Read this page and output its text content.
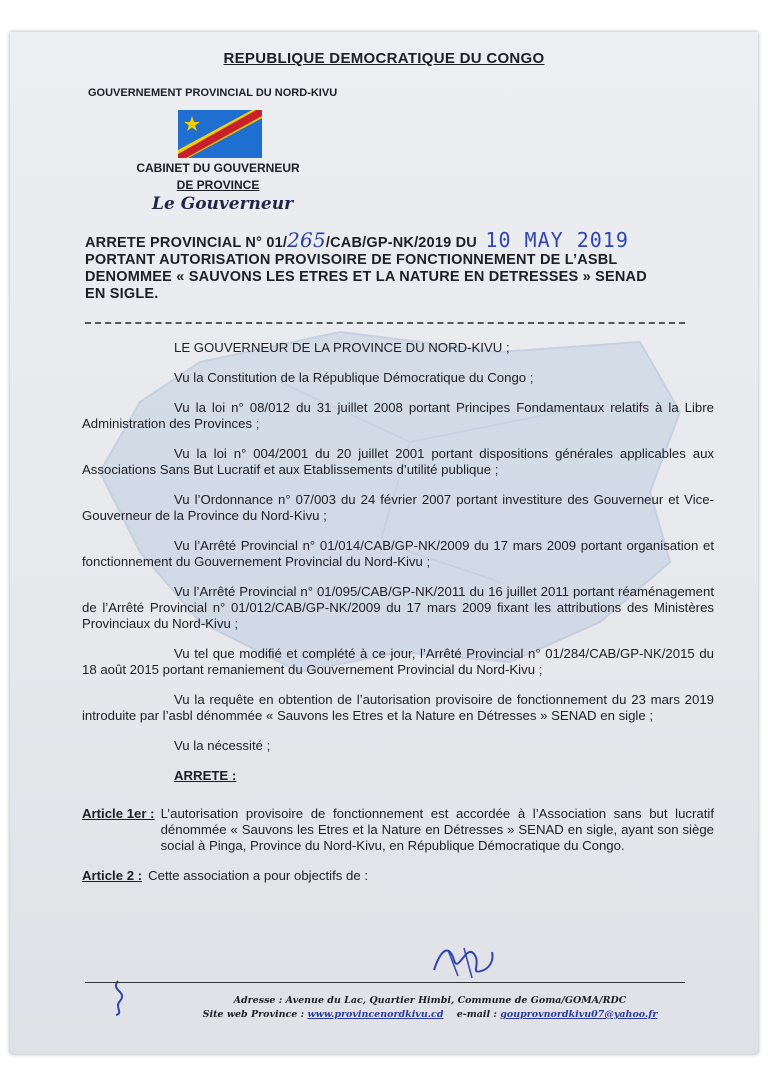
REPUBLIQUE DEMOCRATIQUE DU CONGO
GOUVERNEMENT PROVINCIAL DU NORD-KIVU
CABINET DU GOUVERNEUR
DE PROVINCE
Le Gouverneur
ARRETE PROVINCIAL N° 01/265/CAB/GP-NK/2019 DU 10 MAY 2019
PORTANT AUTORISATION PROVISOIRE DE FONCTIONNEMENT DE L’ASBL
DENOMMEE « SAUVONS LES ETRES ET LA NATURE EN DETRESSES » SENAD
EN SIGLE.

LE GOUVERNEUR DE LA PROVINCE DU NORD-KIVU ;

Vu la Constitution de la République Démocratique du Congo ;

Vu la loi n° 08/012 du 31 juillet 2008 portant Principes Fondamentaux relatifs à la Libre Administration des Provinces ;

Vu la loi n° 004/2001 du 20 juillet 2001 portant dispositions générales applicables aux Associations Sans But Lucratif et aux Etablissements d’utilité publique ;

Vu l’Ordonnance n° 07/003 du 24 février 2007 portant investiture des Gouverneur et Vice-Gouverneur de la Province du Nord-Kivu ;

Vu l’Arrêté Provincial n° 01/014/CAB/GP-NK/2009 du 17 mars 2009 portant organisation et fonctionnement du Gouvernement Provincial du Nord-Kivu ;

Vu l’Arrêté Provincial n° 01/095/CAB/GP-NK/2011 du 16 juillet 2011 portant réaménagement de l’Arrêté Provincial n° 01/012/CAB/GP-NK/2009 du 17 mars 2009 fixant les attributions des Ministères Provinciaux du Nord-Kivu ;

Vu tel que modifié et complété à ce jour, l’Arrêté Provincial n° 01/284/CAB/GP-NK/2015 du 18 août 2015 portant remaniement du Gouvernement Provincial du Nord-Kivu ;

Vu la requête en obtention de l’autorisation provisoire de fonctionnement du 23 mars 2019 introduite par l’asbl dénommée « Sauvons les Etres et la Nature en Détresses » SENAD en sigle ;

Vu la nécessité ;

ARRETE :

Article 1er : L’autorisation provisoire de fonctionnement est accordée à l’Association sans but lucratif dénommée « Sauvons les Etres et la Nature en Détresses » SENAD en sigle, ayant son siège social à Pinga, Province du Nord-Kivu, en République Démocratique du Congo.
Article 2 : Cette association a pour objectifs de :
Adresse : Avenue du Lac, Quartier Himbi, Commune de Goma/GOMA/RDC
Site web Province : www.provincenordkivu.cd e-mail : gouprovnordkivu07@yahoo.fr
